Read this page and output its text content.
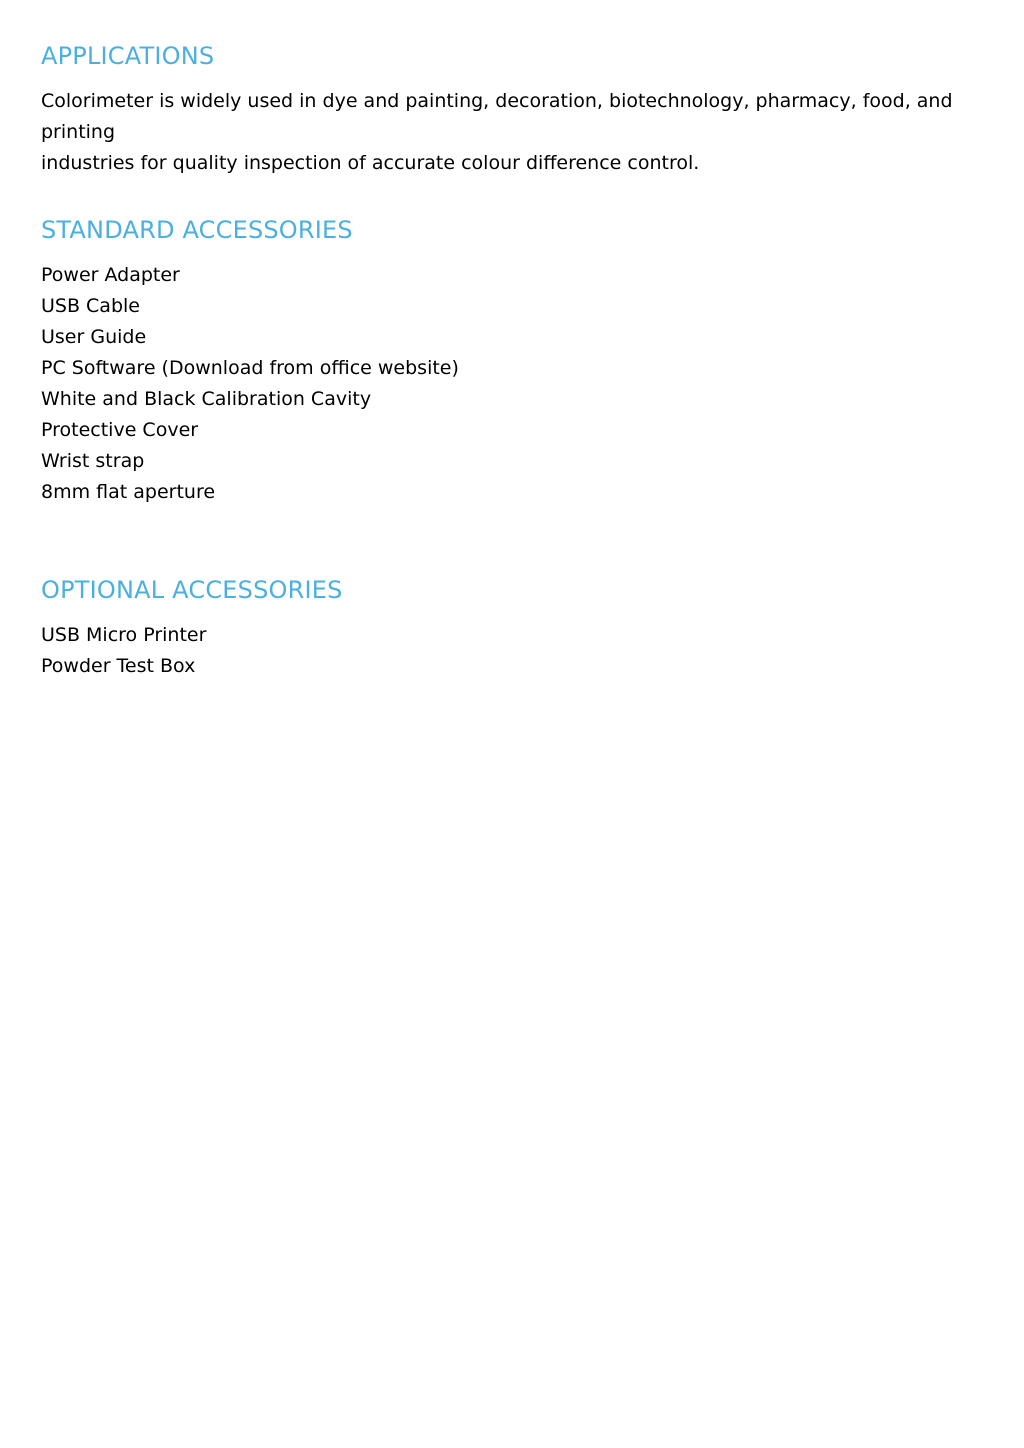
APPLICATIONS

Colorimeter is widely used in dye and painting, decoration, biotechnology, pharmacy, food, and printing
industries for quality inspection of accurate colour difference control.

STANDARD ACCESSORIES
Power Adapter
USB Cable
User Guide
PC Software (Download from office website)
White and Black Calibration Cavity
Protective Cover
Wrist strap
8mm flat aperture
OPTIONAL ACCESSORIES
USB Micro Printer
Powder Test Box
